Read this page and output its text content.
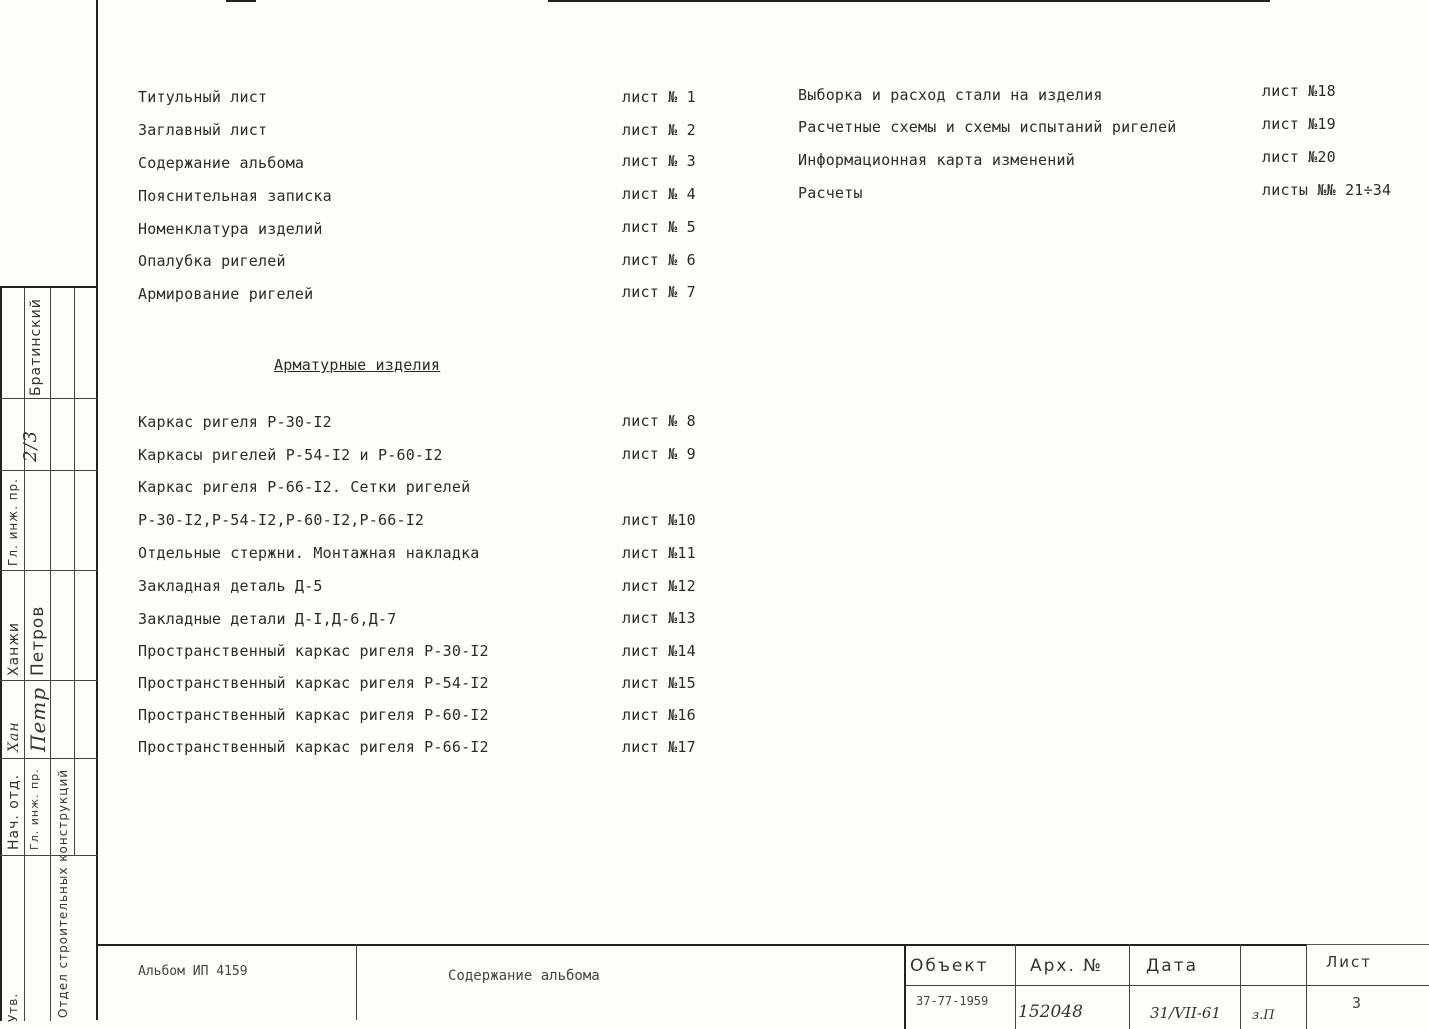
Братинский
2/3
Гл. инж. пр.
Ханжи Петров
Хан Петр
Нач. отд. Гл. инж. пр.
Утв.	Отдел строительных конструкций
Титульный лист	лист № 1
Заглавный лист	лист № 2
Содержание альбома	лист № 3
Пояснительная записка	лист № 4
Номенклатура изделий	лист № 5
Опалубка ригелей	лист № 6
Армирование ригелей	лист № 7
Арматурные изделия
Каркас ригеля Р-30-I2	лист № 8
Каркасы ригелей Р-54-I2 и Р-60-I2	лист № 9
Каркас ригеля Р-66-I2. Сетки ригелей
Р-30-I2,Р-54-I2,Р-60-I2,Р-66-I2	лист №10
Отдельные стержни. Монтажная накладка	лист №11
Закладная деталь Д-5	лист №12
Закладные детали Д-I,Д-6,Д-7	лист №13
Пространственный каркас ригеля Р-30-I2	лист №14
Пространственный каркас ригеля Р-54-I2	лист №15
Пространственный каркас ригеля Р-60-I2	лист №16
Пространственный каркас ригеля Р-66-I2	лист №17
Выборка и расход стали на изделия	лист №18
Расчетные схемы и схемы испытаний ригелей	лист №19
Информационная карта изменений	лист №20
Расчеты	листы №№ 21÷34
Альбом ИП 4159	Содержание альбома	Объект Арх. №	Дата	Лист
37-77-1959
152048	31/VII-61 з.П
3
